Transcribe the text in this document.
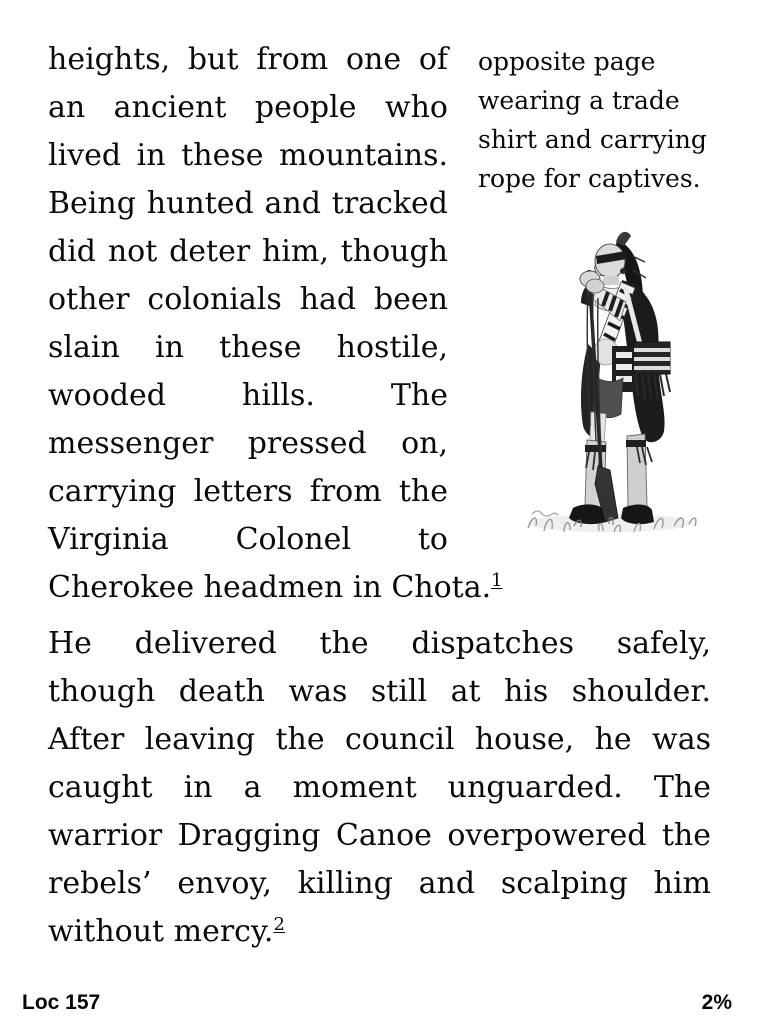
opposite page
wearing a trade
shirt and carrying
rope for captives.
heights, but from one of
an ancient people who
lived in these mountains.
Being hunted and tracked
did not deter him, though
other colonials had been
slain in these hostile,
wooded hills. The
messenger pressed on,
carrying letters from the
Virginia Colonel to
Cherokee headmen in Chota.$^1$
He delivered the dispatches safely,
though death was still at his shoulder.
After leaving the council house, he was
caught in a moment unguarded. The
warrior Dragging Canoe overpowered the
rebels’ envoy, killing and scalping him
without mercy.$^2$
Loc 157	2%
